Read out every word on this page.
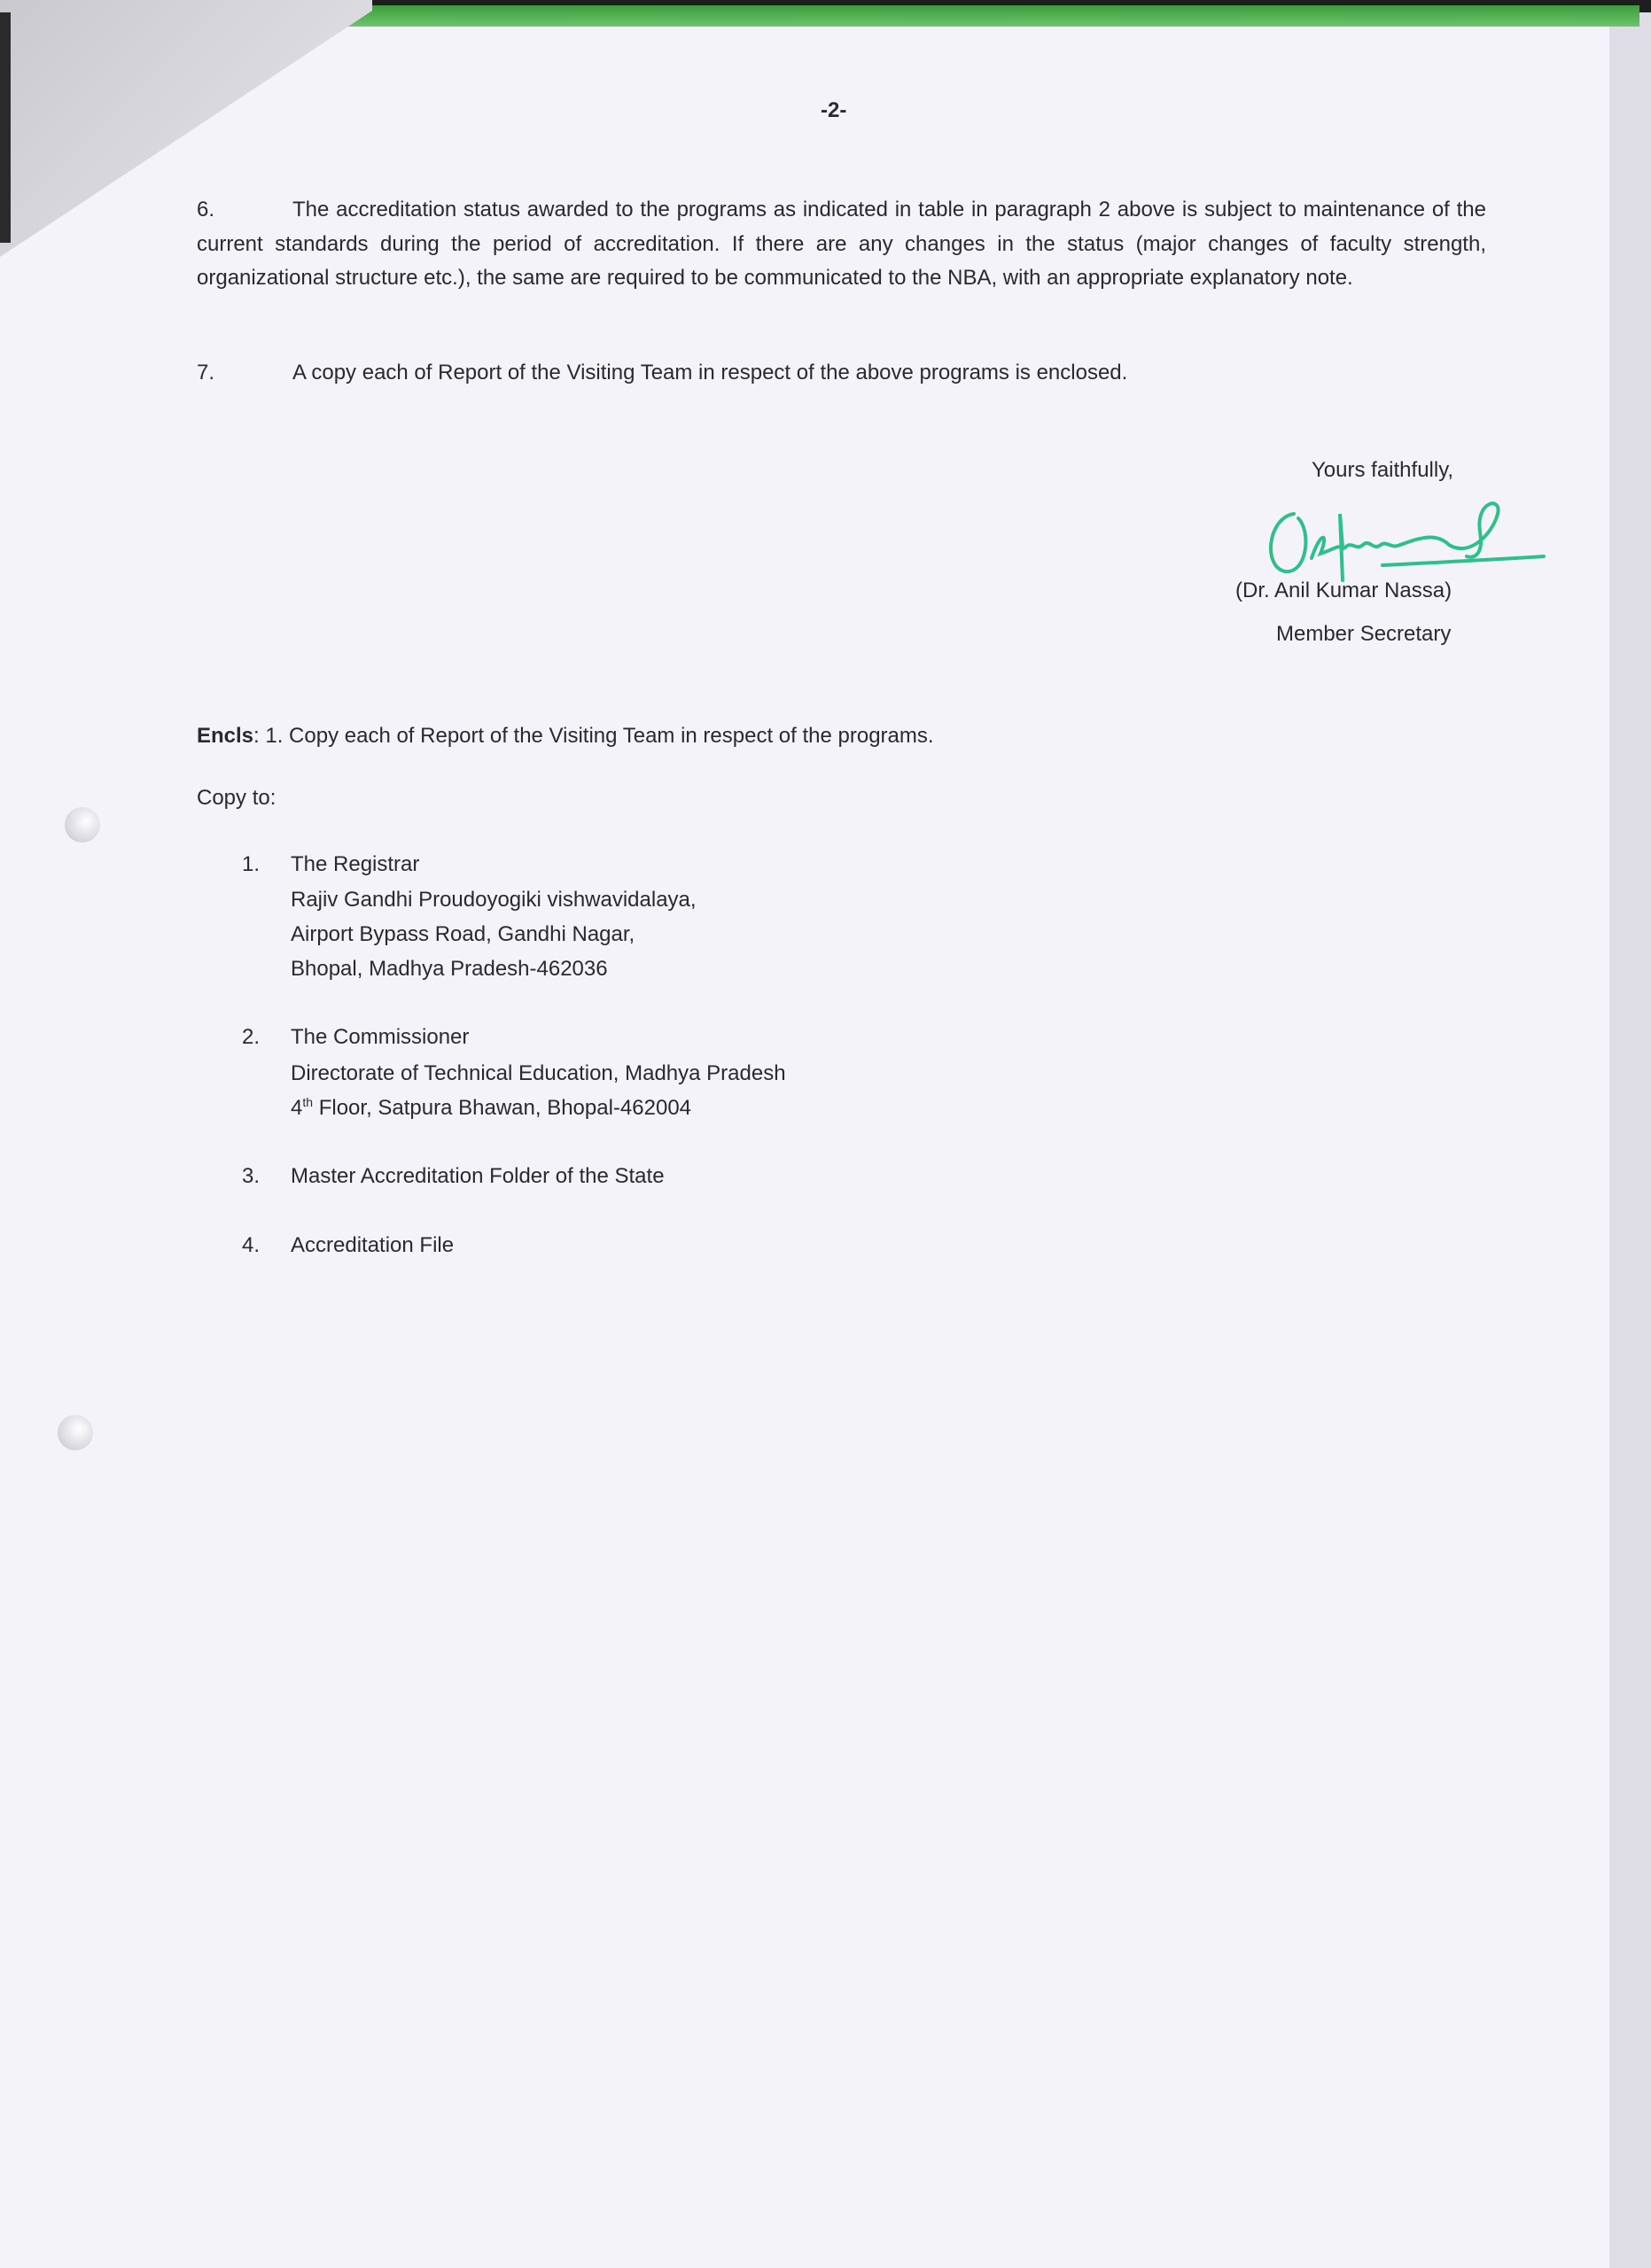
-2-
6.	The accreditation status awarded to the programs as indicated in table in paragraph 2 above is subject to maintenance of the current standards during the period of accreditation. If there are any changes in the status (major changes of faculty strength, organizational structure etc.), the same are required to be communicated to the NBA, with an appropriate explanatory note.
7.	A copy each of Report of the Visiting Team in respect of the above programs is enclosed.
Yours faithfully,
(Dr. Anil Kumar Nassa)
Member Secretary
Encls: 1. Copy each of Report of the Visiting Team in respect of the programs.
Copy to:
1. The Registrar
Rajiv Gandhi Proudoyogiki vishwavidalaya,
Airport Bypass Road, Gandhi Nagar,
Bhopal, Madhya Pradesh-462036
2. The Commissioner
Directorate of Technical Education, Madhya Pradesh
4th Floor, Satpura Bhawan, Bhopal-462004
3. Master Accreditation Folder of the State
4. Accreditation File
